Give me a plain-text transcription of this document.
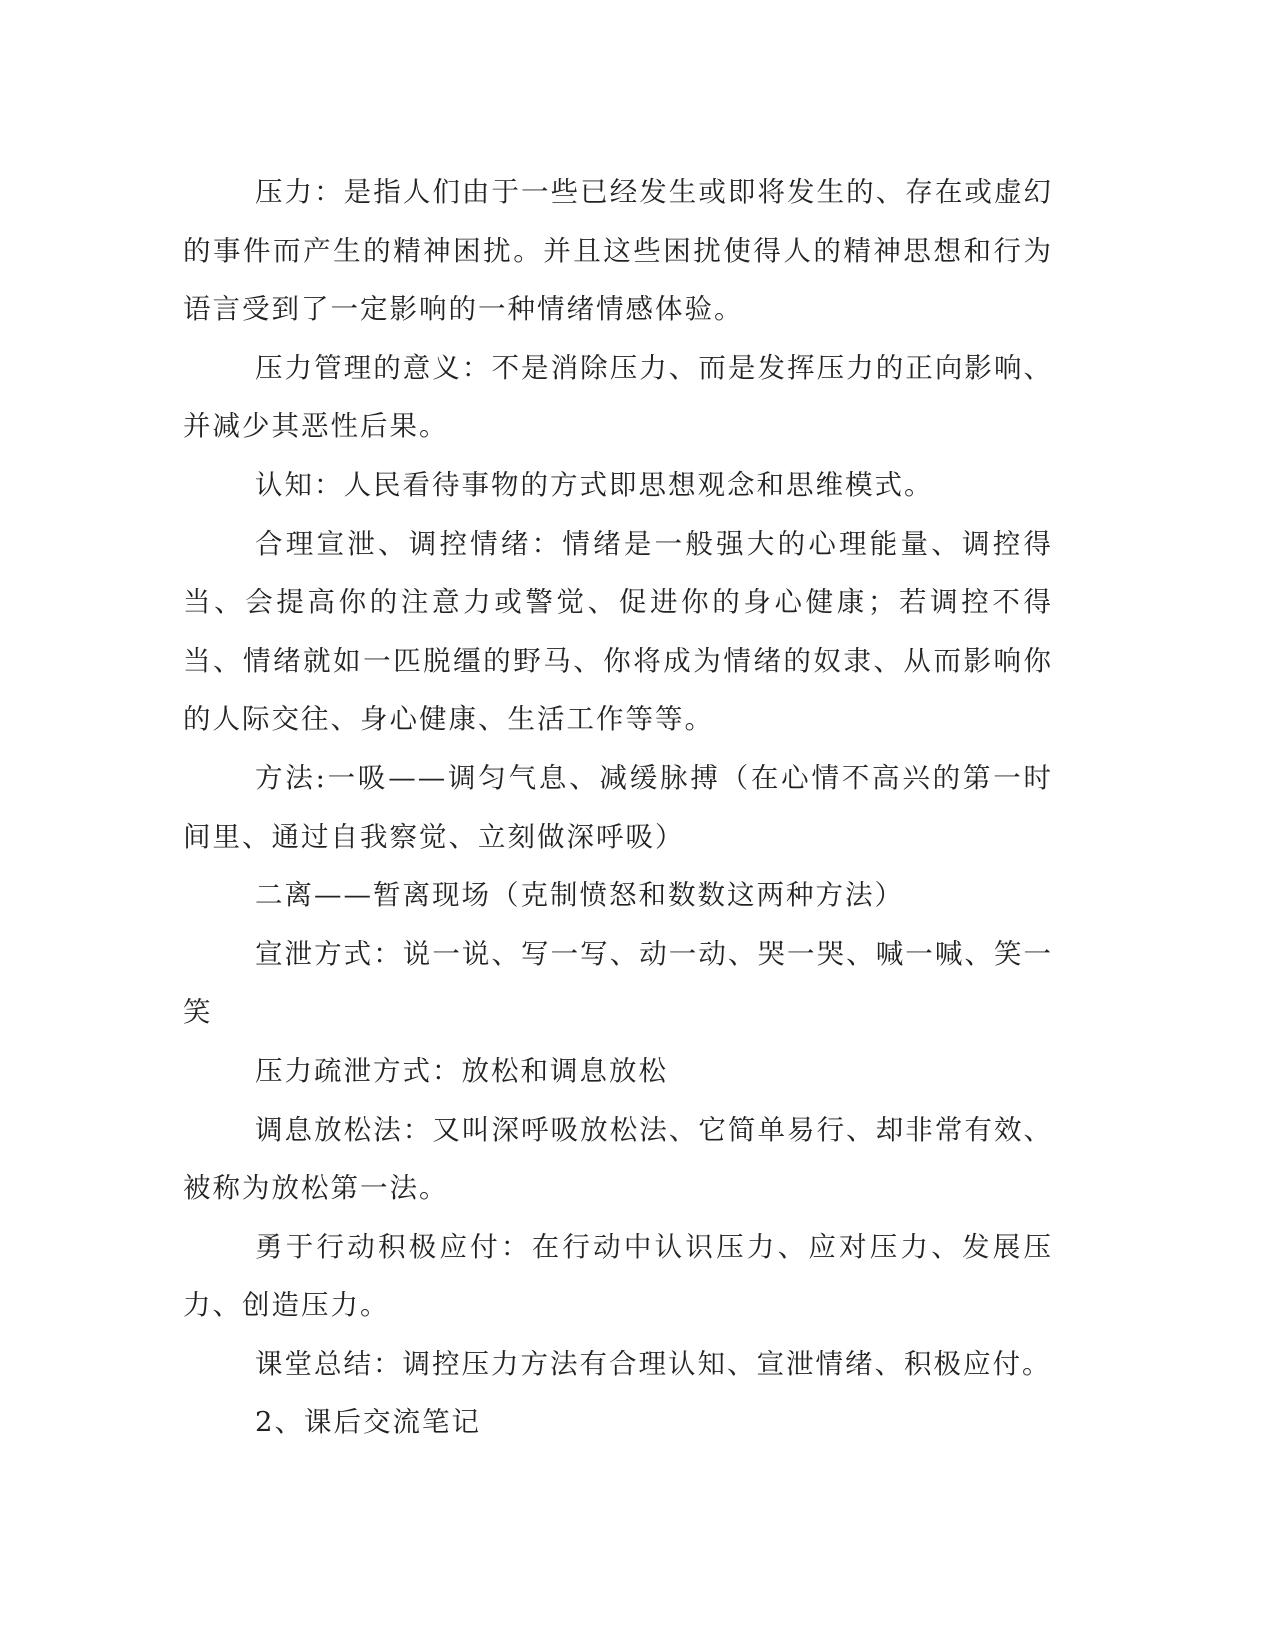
压力：是指人们由于一些已经发生或即将发生的、存在或虚幻的事件而产生的精神困扰。并且这些困扰使得人的精神思想和行为语言受到了一定影响的一种情绪情感体验。

压力管理的意义：不是消除压力、而是发挥压力的正向影响、并减少其恶性后果。

认知：人民看待事物的方式即思想观念和思维模式。

合理宣泄、调控情绪：情绪是一般强大的心理能量、调控得当、会提高你的注意力或警觉、促进你的身心健康；若调控不得当、情绪就如一匹脱缰的野马、你将成为情绪的奴隶、从而影响你的人际交往、身心健康、生活工作等等。

方法:一吸——调匀气息、减缓脉搏（在心情不高兴的第一时间里、通过自我察觉、立刻做深呼吸）

二离——暂离现场（克制愤怒和数数这两种方法）

宣泄方式：说一说、写一写、动一动、哭一哭、喊一喊、笑一笑

压力疏泄方式：放松和调息放松

调息放松法：又叫深呼吸放松法、它简单易行、却非常有效、被称为放松第一法。

勇于行动积极应付：在行动中认识压力、应对压力、发展压力、创造压力。

课堂总结：调控压力方法有合理认知、宣泄情绪、积极应付。

2、课后交流笔记
